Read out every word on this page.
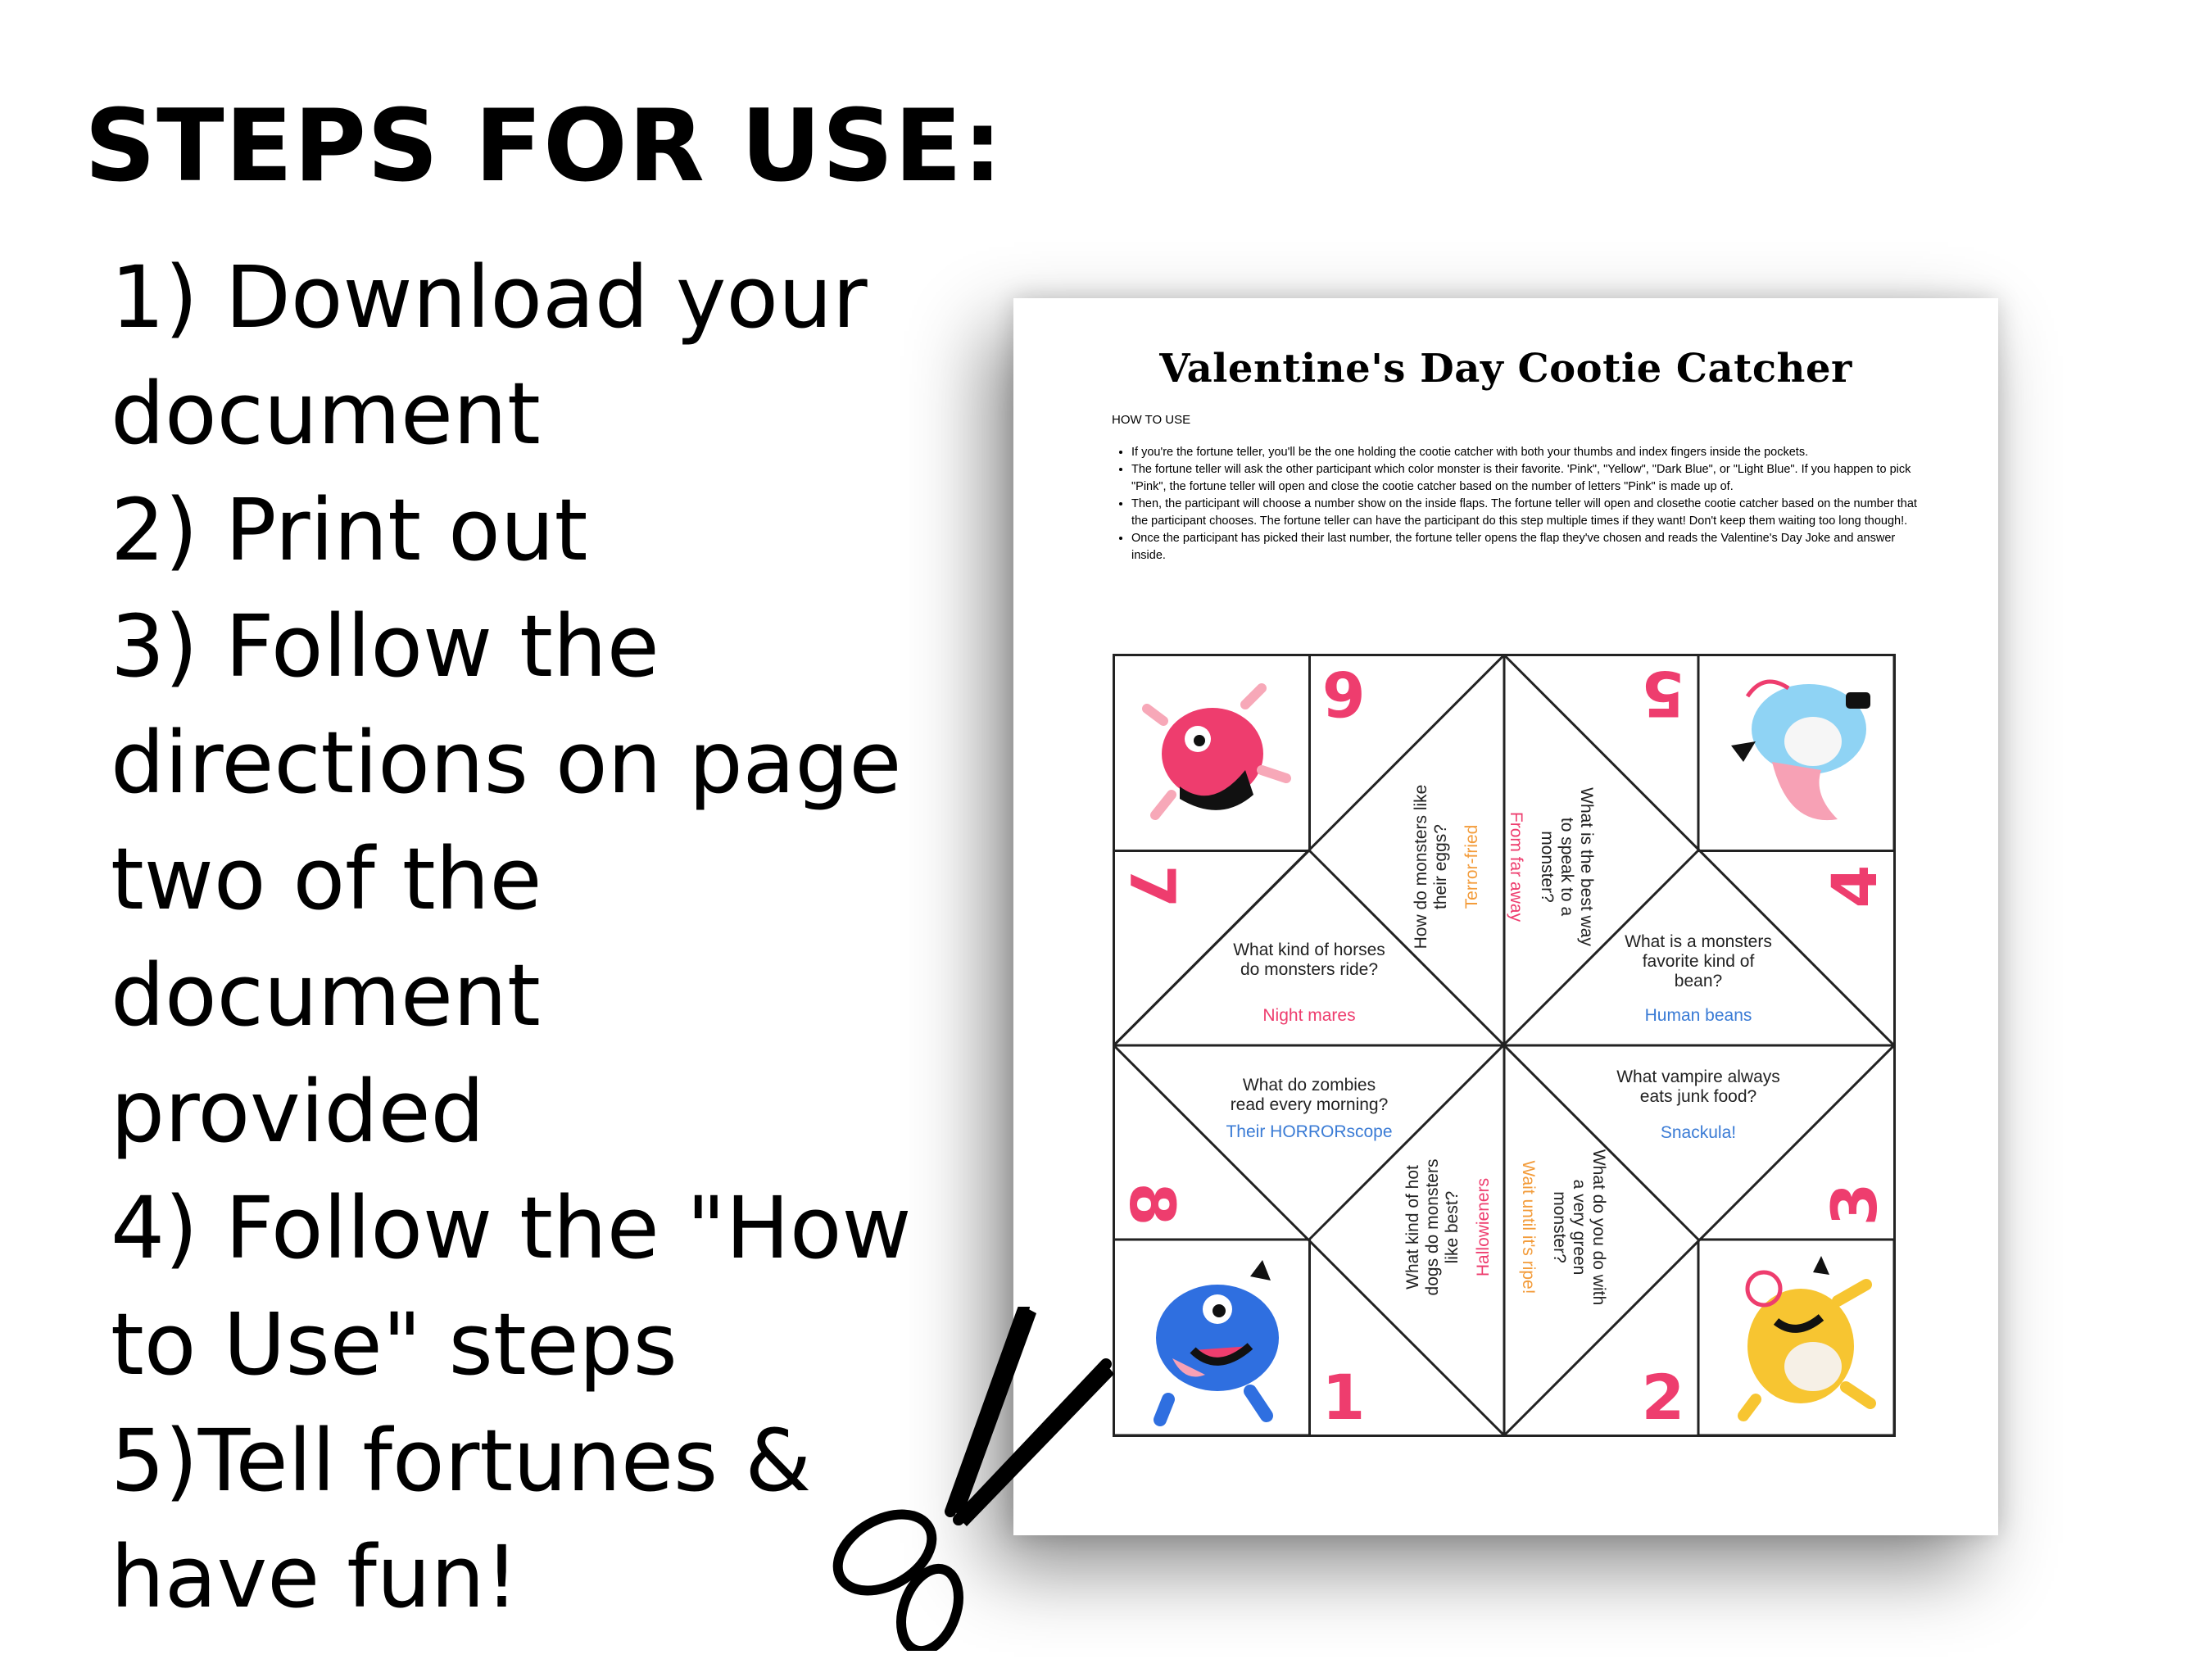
STEPS FOR USE:
1) Download your
document
2) Print out
3) Follow the
directions on page
two of the
document provided
4) Follow the "How
to Use" steps
5)Tell fortunes &
have fun!
Valentine's Day Cootie Catcher
HOW TO USE
• If you're the fortune teller, you'll be the one holding the cootie catcher with both your thumbs and index fingers inside the pockets.
• The fortune teller will ask the other participant which color monster is their favorite. 'Pink", "Yellow", "Dark Blue", or "Light Blue". If you happen to pick "Pink", the fortune teller will open and close the cootie catcher based on the number of letters "Pink" is made up of.
• Then, the participant will choose a number show on the inside flaps. The fortune teller will open and closethe cootie catcher based on the number that the participant chooses. The fortune teller can have the participant do this step multiple times if they want! Don't keep them waiting too long though!.
• Once the participant has picked their last number, the fortune teller opens the flap they've chosen and reads the Valentine's Day Joke and answer inside.
6	5
7	4
8	3
1	2
How do monsters like
their eggs? Terror-fried
What is the best way
to speak to a
monster?
From far away
What kind of horses
do monsters ride?
Night mares
What is a monsters
favorite kind of
bean?
Human beans
What do zombies
read every morning?
Their HORRORscope
What vampire always
eats junk food?
Snackula!
What kind of hot
dogs do monsters
like best? Hallowieners
What do you do with
a very green
monster?
Wait until it's ripe!
